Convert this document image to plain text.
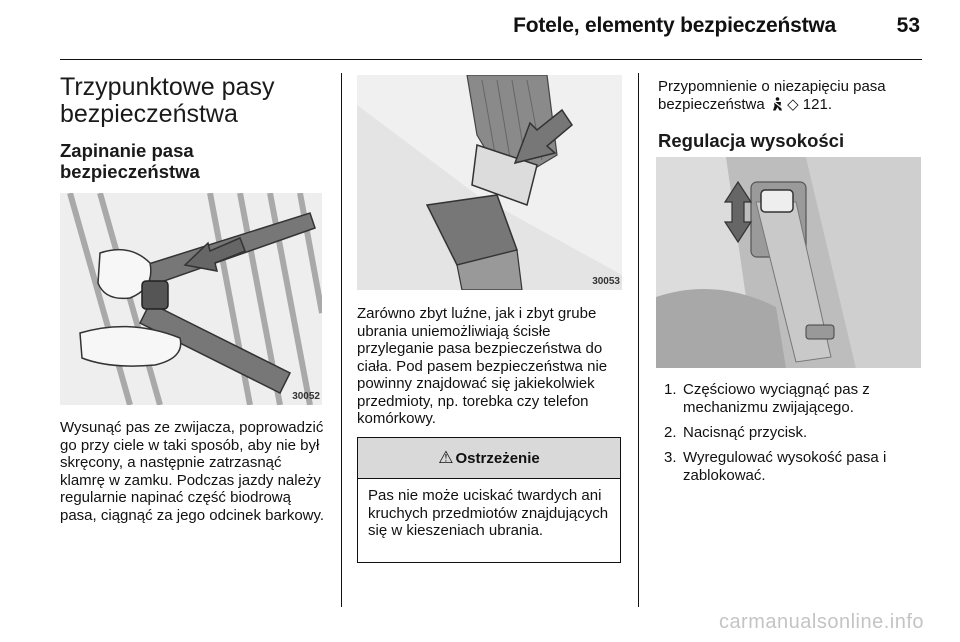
Fotele, elementy bezpieczeństwa	53
Trzypunktowe pasy bezpieczeństwa
Zapinanie pasa bezpieczeństwa
30052

Wysunąć pas ze zwijacza, poprowadzić go przy ciele w taki sposób, aby nie był skręcony, a następnie zatrzasnąć klamrę w zamku. Podczas jazdy należy regularnie napinać część biodrową pasa, ciągnąć za jego odcinek barkowy.

30053

Zarówno zbyt luźne, jak i zbyt grube ubrania uniemożliwiają ścisłe przyleganie pasa bezpieczeństwa do ciała. Pod pasem bezpieczeństwa nie powinny znajdować się jakiekolwiek przedmioty, np. torebka czy telefon komórkowy.

⚠ Ostrzeżenie

Pas nie może uciskać twardych ani kruchych przedmiotów znajdujących się w kieszeniach ubrania.

Przypomnienie o niezapięciu pasa bezpieczeństwa ◇ 121.

Regulacja wysokości
1. Częściowo wyciągnąć pas z mechanizmu zwijającego.
2. Nacisnąć przycisk.
3. Wyregulować wysokość pasa i zablokować.
carmanualsonline.info
